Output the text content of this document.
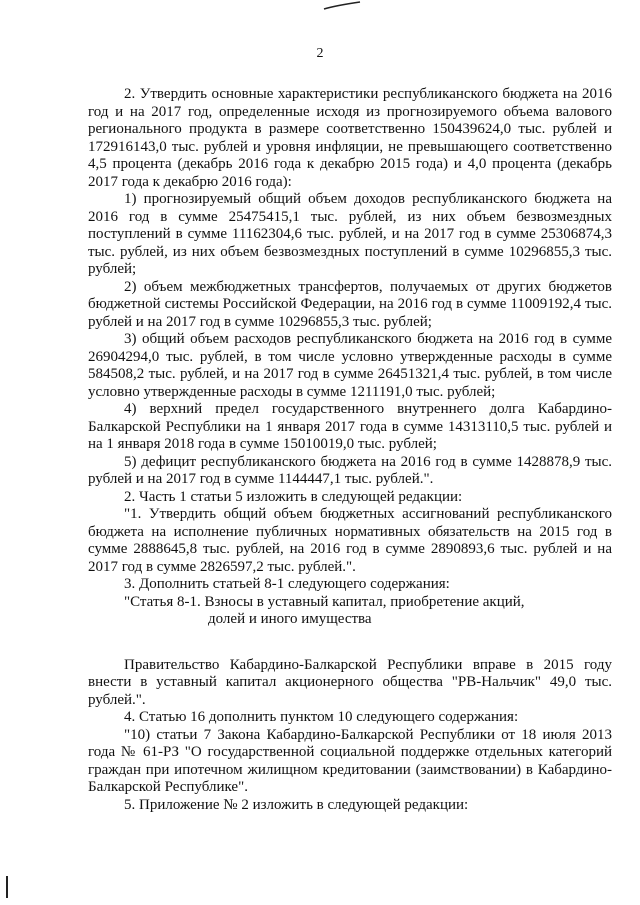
2

2. Утвердить основные характеристики республиканского бюджета на 2016 год и на 2017 год, определенные исходя из прогнозируемого объема валового регионального продукта в размере соответственно 150439624,0 тыс. рублей и 172916143,0 тыс. рублей и уровня инфляции, не превышающего соответственно 4,5 процента (декабрь 2016 года к декабрю 2015 года) и 4,0 процента (декабрь 2017 года к декабрю 2016 года):

1) прогнозируемый общий объем доходов республиканского бюджета на 2016 год в сумме 25475415,1 тыс. рублей, из них объем безвозмездных поступлений в сумме 11162304,6 тыс. рублей, и на 2017 год в сумме 25306874,3 тыс. рублей, из них объем безвозмездных поступлений в сумме 10296855,3 тыс. рублей;

2) объем межбюджетных трансфертов, получаемых от других бюджетов бюджетной системы Российской Федерации, на 2016 год в сумме 11009192,4 тыс. рублей и на 2017 год в сумме 10296855,3 тыс. рублей;

3) общий объем расходов республиканского бюджета на 2016 год в сумме 26904294,0 тыс. рублей, в том числе условно утвержденные расходы в сумме 584508,2 тыс. рублей, и на 2017 год в сумме 26451321,4 тыс. рублей, в том числе условно утвержденные расходы в сумме 1211191,0 тыс. рублей;

4) верхний предел государственного внутреннего долга Кабардино-Балкарской Республики на 1 января 2017 года в сумме 14313110,5 тыс. рублей и на 1 января 2018 года в сумме 15010019,0 тыс. рублей;

5) дефицит республиканского бюджета на 2016 год в сумме 1428878,9 тыс. рублей и на 2017 год в сумме 1144447,1 тыс. рублей.".

2. Часть 1 статьи 5 изложить в следующей редакции:

"1. Утвердить общий объем бюджетных ассигнований республиканского бюджета на исполнение публичных нормативных обязательств на 2015 год в сумме 2888645,8 тыс. рублей, на 2016 год в сумме 2890893,6 тыс. рублей и на 2017 год в сумме 2826597,2 тыс. рублей.".

3. Дополнить статьей 8-1 следующего содержания:

"Статья 8-1. Взносы в уставный капитал, приобретение акций,
долей и иного имущества

Правительство Кабардино-Балкарской Республики вправе в 2015 году внести в уставный капитал акционерного общества "РВ-Нальчик" 49,0 тыс. рублей.".

4. Статью 16 дополнить пунктом 10 следующего содержания:

"10) статьи 7 Закона Кабардино-Балкарской Республики от 18 июля 2013 года № 61-РЗ "О государственной социальной поддержке отдельных категорий граждан при ипотечном жилищном кредитовании (заимствовании) в Кабардино-Балкарской Республике".

5. Приложение № 2 изложить в следующей редакции:
